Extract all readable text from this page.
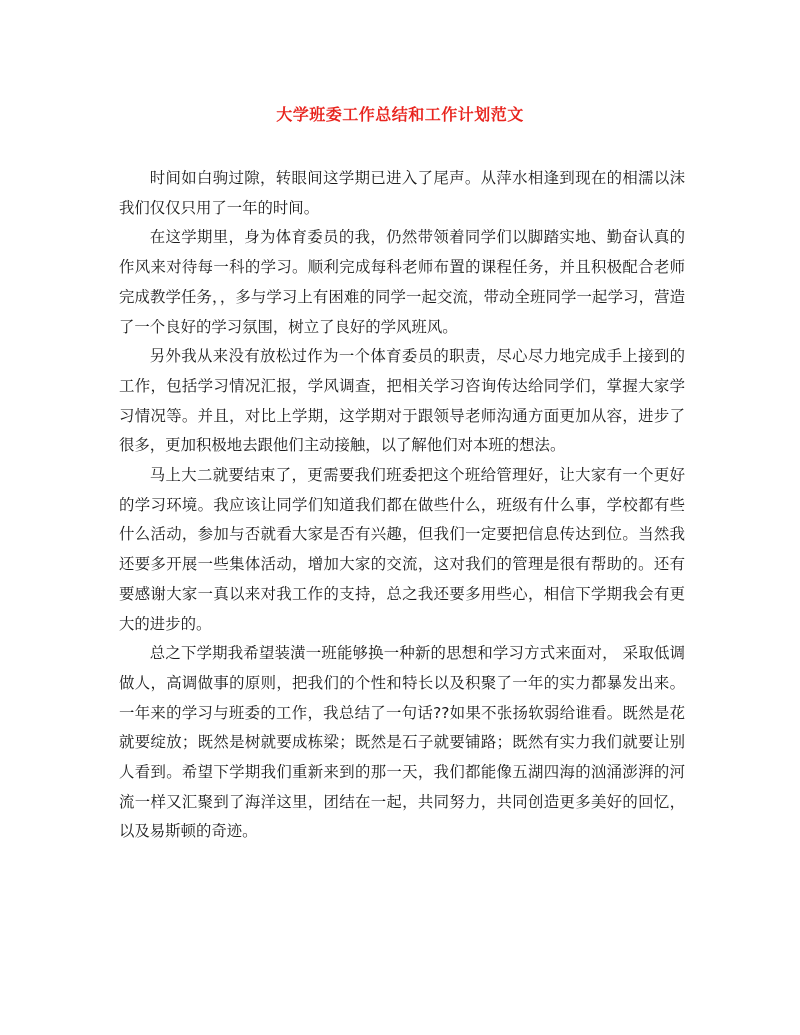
大学班委工作总结和工作计划范文

时间如白驹过隙，转眼间这学期已进入了尾声。从萍水相逢到现在的相濡以沫我们仅仅只用了一年的时间。

在这学期里，身为体育委员的我，仍然带领着同学们以脚踏实地、勤奋认真的作风来对待每一科的学习。顺利完成每科老师布置的课程任务，并且积极配合老师完成教学任务，，多与学习上有困难的同学一起交流，带动全班同学一起学习，营造了一个良好的学习氛围，树立了良好的学风班风。

另外我从来没有放松过作为一个体育委员的职责，尽心尽力地完成手上接到的工作，包括学习情况汇报，学风调查，把相关学习咨询传达给同学们，掌握大家学习情况等。并且，对比上学期，这学期对于跟领导老师沟通方面更加从容，进步了很多，更加积极地去跟他们主动接触，以了解他们对本班的想法。

马上大二就要结束了，更需要我们班委把这个班给管理好，让大家有一个更好的学习环境。我应该让同学们知道我们都在做些什么，班级有什么事，学校都有些什么活动，参加与否就看大家是否有兴趣，但我们一定要把信息传达到位。当然我还要多开展一些集体活动，增加大家的交流，这对我们的管理是很有帮助的。还有要感谢大家一真以来对我工作的支持，总之我还要多用些心，相信下学期我会有更大的进步的。

总之下学期我希望装潢一班能够换一种新的思想和学习方式来面对， 采取低调做人，高调做事的原则，把我们的个性和特长以及积聚了一年的实力都暴发出来。一年来的学习与班委的工作，我总结了一句话??如果不张扬软弱给谁看。既然是花就要绽放；既然是树就要成栋梁；既然是石子就要铺路；既然有实力我们就要让别人看到。希望下学期我们重新来到的那一天，我们都能像五湖四海的汹涌澎湃的河流一样又汇聚到了海洋这里，团结在一起，共同努力，共同创造更多美好的回忆，以及易斯顿的奇迹。
